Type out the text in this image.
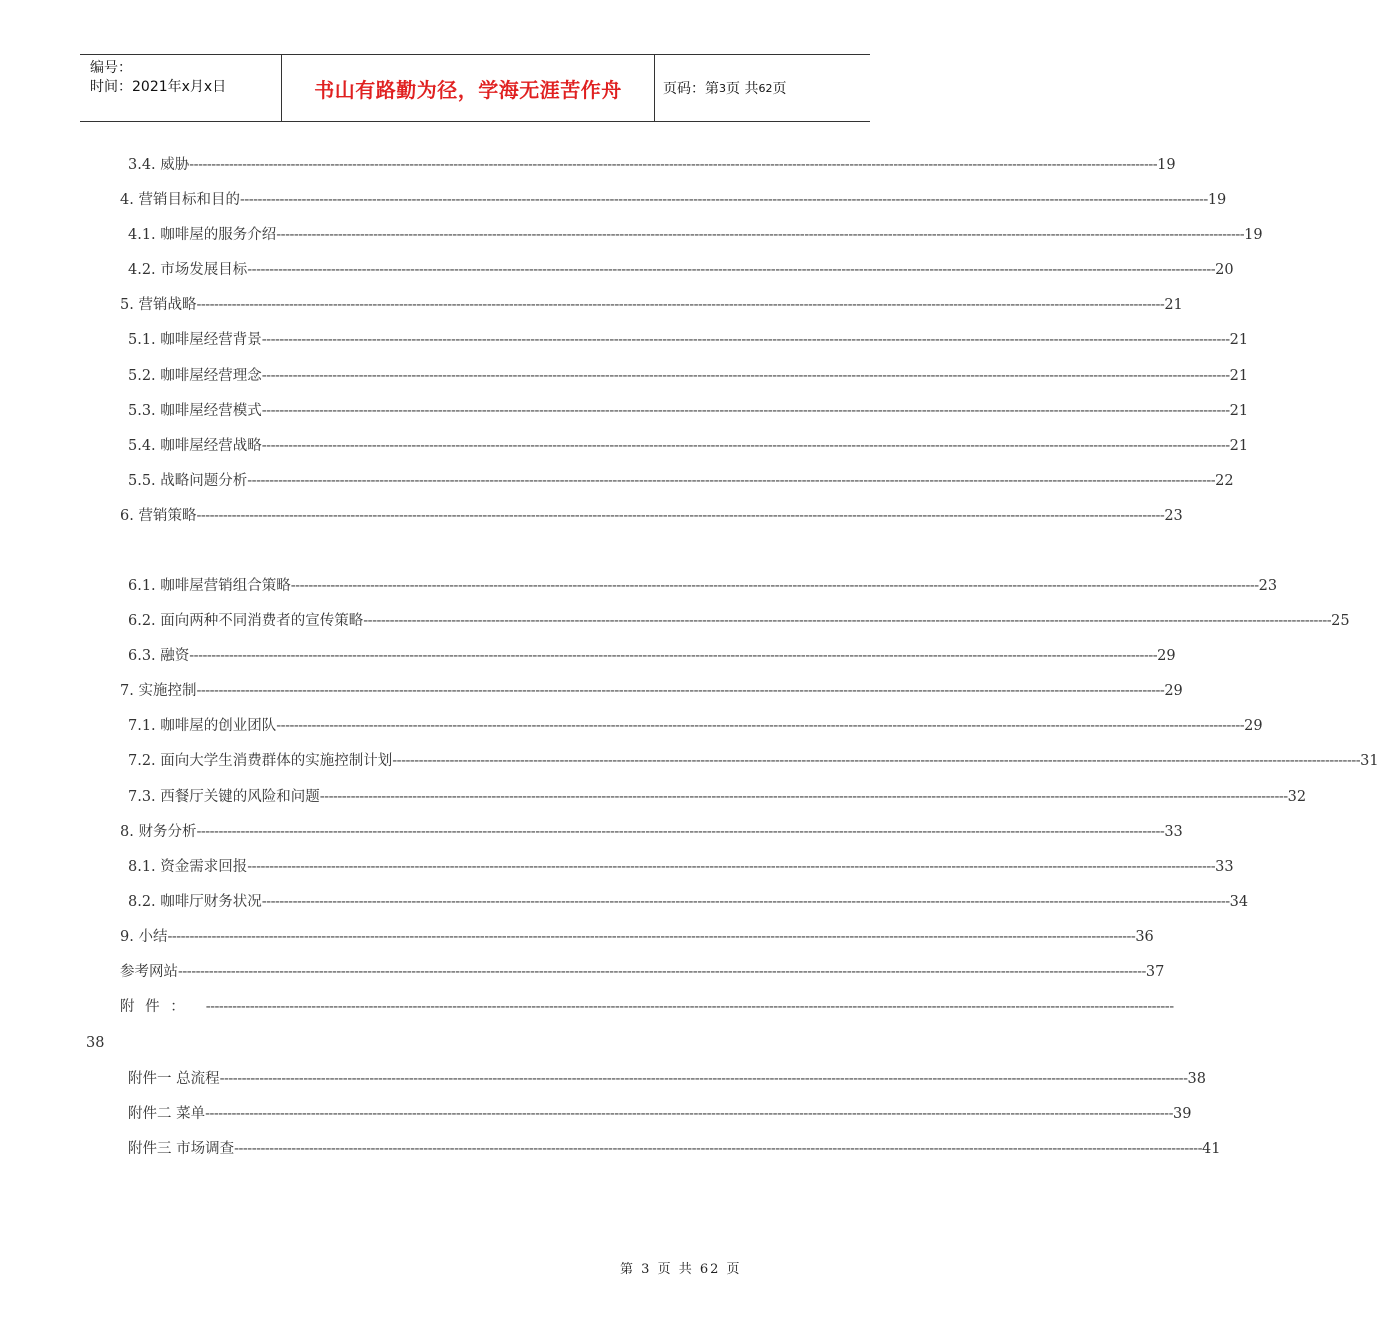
编号：
时间：2021年x月x日	书山有路勤为径，学海无涯苦作舟	页码：第 3 页 共 62 页
3.4. 威胁 ---------------------------------------------------------------------------------------------------------------------------------------------------------------------------------------------------------------------------- 19
4. 营销目标和目的 ---------------------------------------------------------------------------------------------------------------------------------------------------------------------------------------------------------------------------- 19
4.1. 咖啡屋的服务介绍 ---------------------------------------------------------------------------------------------------------------------------------------------------------------------------------------------------------------------------- 19
4.2. 市场发展目标 ---------------------------------------------------------------------------------------------------------------------------------------------------------------------------------------------------------------------------- 20
5. 营销战略 ---------------------------------------------------------------------------------------------------------------------------------------------------------------------------------------------------------------------------- 21
5.1. 咖啡屋经营背景 ---------------------------------------------------------------------------------------------------------------------------------------------------------------------------------------------------------------------------- 21
5.2. 咖啡屋经营理念 ---------------------------------------------------------------------------------------------------------------------------------------------------------------------------------------------------------------------------- 21
5.3. 咖啡屋经营模式 ---------------------------------------------------------------------------------------------------------------------------------------------------------------------------------------------------------------------------- 21
5.4. 咖啡屋经营战略 ---------------------------------------------------------------------------------------------------------------------------------------------------------------------------------------------------------------------------- 21
5.5. 战略问题分析 ---------------------------------------------------------------------------------------------------------------------------------------------------------------------------------------------------------------------------- 22
6. 营销策略 ---------------------------------------------------------------------------------------------------------------------------------------------------------------------------------------------------------------------------- 23
6.1. 咖啡屋营销组合策略 ---------------------------------------------------------------------------------------------------------------------------------------------------------------------------------------------------------------------------- 23
6.2. 面向两种不同消费者的宣传策略 ---------------------------------------------------------------------------------------------------------------------------------------------------------------------------------------------------------------------------- 25
6.3. 融资 ---------------------------------------------------------------------------------------------------------------------------------------------------------------------------------------------------------------------------- 29
7. 实施控制 ---------------------------------------------------------------------------------------------------------------------------------------------------------------------------------------------------------------------------- 29
7.1. 咖啡屋的创业团队 ---------------------------------------------------------------------------------------------------------------------------------------------------------------------------------------------------------------------------- 29
7.2. 面向大学生消费群体的实施控制计划 ---------------------------------------------------------------------------------------------------------------------------------------------------------------------------------------------------------------------------- 31
7.3. 西餐厅关键的风险和问题 ---------------------------------------------------------------------------------------------------------------------------------------------------------------------------------------------------------------------------- 32
8. 财务分析 ---------------------------------------------------------------------------------------------------------------------------------------------------------------------------------------------------------------------------- 33
8.1. 资金需求回报 ---------------------------------------------------------------------------------------------------------------------------------------------------------------------------------------------------------------------------- 33
8.2. 咖啡厅财务状况 ---------------------------------------------------------------------------------------------------------------------------------------------------------------------------------------------------------------------------- 34
9. 小结 ---------------------------------------------------------------------------------------------------------------------------------------------------------------------------------------------------------------------------- 36
参考网站 ---------------------------------------------------------------------------------------------------------------------------------------------------------------------------------------------------------------------------- 37
附 件 ： ----------------------------------------------------------------------------------------------------------------------------------------------------------------------------------------------------------------------------
38
附件一 总流程 ---------------------------------------------------------------------------------------------------------------------------------------------------------------------------------------------------------------------------- 38
附件二 菜单 ---------------------------------------------------------------------------------------------------------------------------------------------------------------------------------------------------------------------------- 39
附件三 市场调查 ---------------------------------------------------------------------------------------------------------------------------------------------------------------------------------------------------------------------------- 41
第 3 页 共 62 页
